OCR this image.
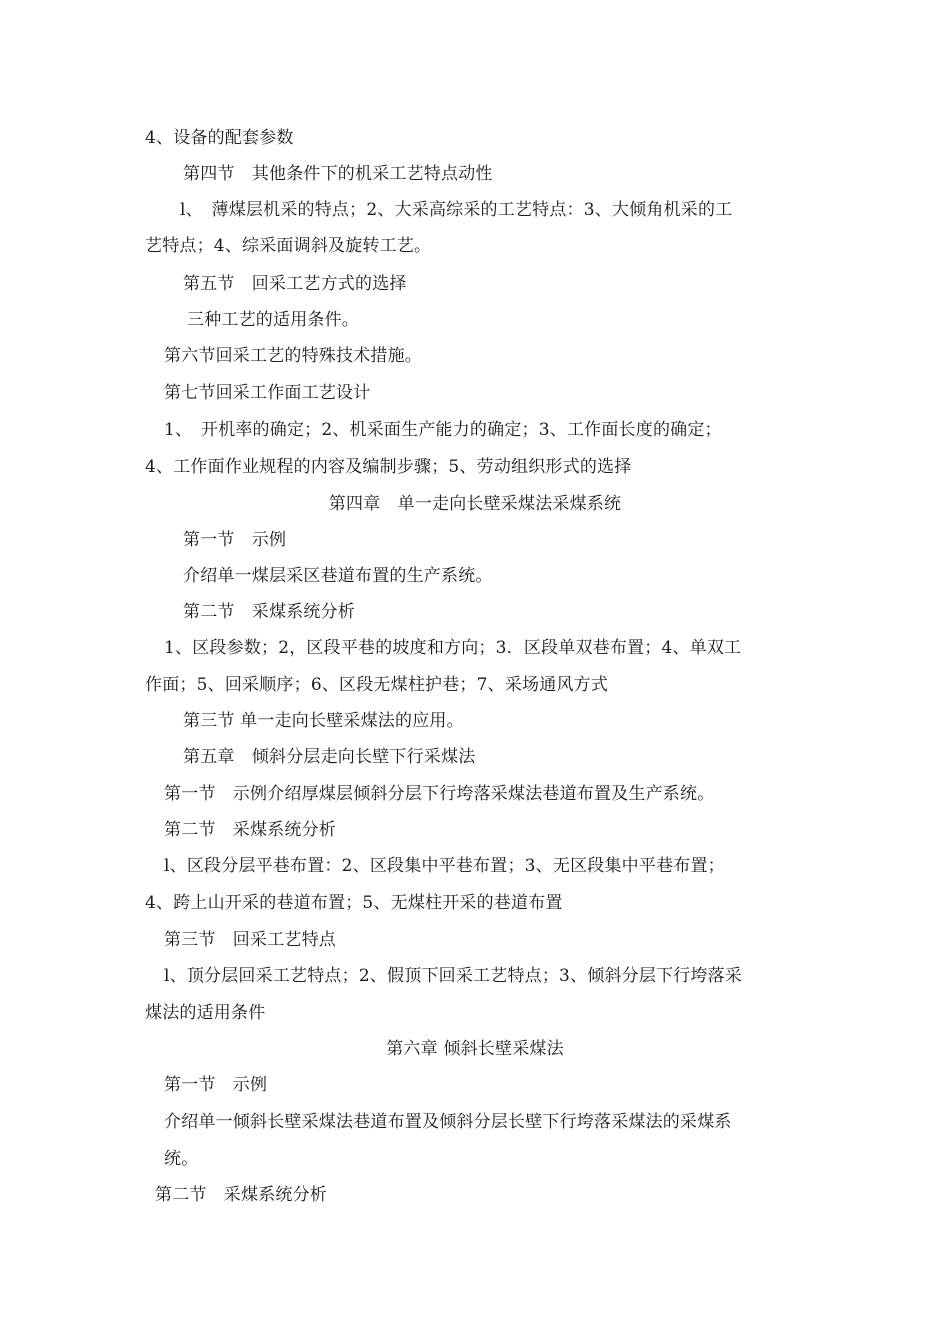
4、设备的配套参数
第四节　其他条件下的机采工艺特点动性
l、　薄煤层机采的特点；2、大采高综采的工艺特点：3、大倾角机采的工
艺特点；4、综采面调斜及旋转工艺。
第五节　回采工艺方式的选择
三种工艺的适用条件。
第六节回采工艺的特殊技术措施。
第七节回采工作面工艺设计
1、　开机率的确定；2、机采面生产能力的确定；3、工作面长度的确定；
4、工作面作业规程的内容及编制步骤；5、劳动组织形式的选择
第四章　单一走向长壁采煤法采煤系统
第一节　示例
介绍单一煤层采区巷道布置的生产系统。
第二节　采煤系统分析
1、区段参数；2，区段平巷的坡度和方向；3．区段单双巷布置；4、单双工
作面；5、回采顺序；6、区段无煤柱护巷；7、采场通风方式
第三节 单一走向长壁采煤法的应用。
第五章　倾斜分层走向长壁下行采煤法
第一节　示例介绍厚煤层倾斜分层下行垮落采煤法巷道布置及生产系统。
第二节　采煤系统分析
l、区段分层平巷布置：2、区段集中平巷布置；3、无区段集中平巷布置；
4、跨上山开采的巷道布置；5、无煤柱开采的巷道布置
第三节　回采工艺特点
l、顶分层回采工艺特点；2、假顶下回采工艺特点；3、倾斜分层下行垮落采
煤法的适用条件
第六章 倾斜长壁采煤法
第一节　示例
介绍单一倾斜长壁采煤法巷道布置及倾斜分层长壁下行垮落采煤法的采煤系
统。
第二节　采煤系统分析
